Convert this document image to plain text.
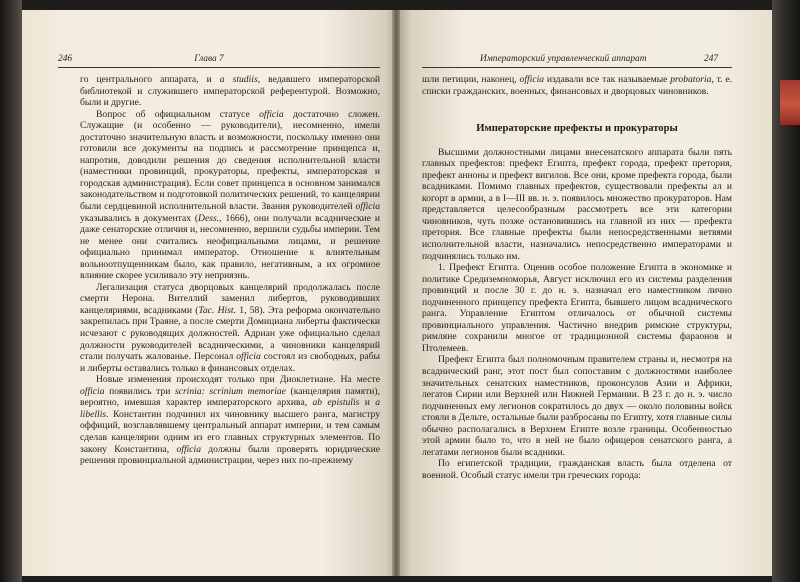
246	Глава 7

го центрального аппарата, и a studiis, ведавшего императорской библиотекой и служившего императорской референтурой. Возможно, были и другие.

Вопрос об официальном статусе officia достаточно сложен. Служащие (и особенно — руководители), несомненно, имели достаточно значительную власть и возможности, поскольку именно они готовили все документы на подпись и рассмотрение принцепса и, напротив, доводили решения до сведения исполнительной власти (наместники провинций, прокураторы, префекты, императорская и городская администрация). Если совет принцепса в основном занимался законодательством и подготовкой политических решений, то канцелярии были сердцевиной исполнительной власти. Звания руководителей officia указывались в документах (Dess., 1666), они получали всаднические и даже сенаторские отличия и, несомненно, вершили судьбы империи. Тем не менее они считались неофициальными лицами, и решение официально принимал император. Отношение к влиятельным вольноотпущенникам было, как правило, негативным, а их огромное влияние скорее усиливало эту неприязнь.

Легализация статуса дворцовых канцелярий продолжалась после смерти Нерона. Вителлий заменил либертов, руководивших канцеляриями, всадниками (Tac. Hist. 1, 58). Эта реформа окончательно закрепилась при Траяне, а после смерти Домициана либерты фактически исчезают с руководящих должностей. Адриан уже официально сделал должности руководителей всадническими, а чиновники канцелярий стали получать жалованье. Персонал officia состоял из свободных, рабы и либерты оставались только в финансовых отделах.

Новые изменения происходят только при Диоклетиане. На месте officia появились три scrinia: scrinium memoriae (канцелярия памяти), вероятно, имевшая характер императорского архива, ab epistulis и a libellis. Константин подчинил их чиновнику высшего ранга, магистру оффиций, возглавлявшему центральный аппарат империи, и тем самым сделав канцелярии одним из его главных структурных элементов. По закону Константина, officia должны были проверять юридические решения провинциальной администрации, через них по-прежнему

Императорский управленческий аппарат	247

шли петиции, наконец, officia издавали все так называемые probatoria, т. е. списки гражданских, военных, финансовых и дворцовых чиновников.

Императорские префекты и прокураторы

Высшими должностными лицами внесенатского аппарата были пять главных префектов: префект Египта, префект города, префект претория, префект анноны и префект вигилов. Все они, кроме префекта города, были всадниками. Помимо главных префектов, существовали префекты ал и когорт в армии, а в I—III вв. н. э. появилось множество прокураторов. Нам представляется целесообразным рассмотреть все эти категории чиновников, чуть позже остановившись на главной из них — префекта претория. Все главные префекты были непосредственными ветвями исполнительной власти, назначались непосредственно императорами и подчинялись только им.

1. Префект Египта. Оценив особое положение Египта в экономике и политике Средиземноморья, Август исключил его из системы разделения провинций и после 30 г. до н. э. назначал его наместником лично подчиненного принцепсу префекта Египта, бывшего лицом всаднического ранга. Управление Египтом отличалось от обычной системы провинциального управления. Частично внедрив римские структуры, римляне сохранили многое от традиционной системы фараонов и Птолемеев.

Префект Египта был полномочным правителем страны и, несмотря на всаднический ранг, этот пост был сопоставим с должностями наиболее значительных сенатских наместников, проконсулов Азии и Африки, легатов Сирии или Верхней или Нижней Германии. В 23 г. до н. э. число подчиненных ему легионов сократилось до двух — около половины войск стояли в Дельте, остальные были разбросаны по Египту, хотя главные силы обычно располагались в Верхнем Египте возле границы. Особенностью этой армии было то, что в ней не было офицеров сенатского ранга, а легатами легионов были всадники.

По египетской традиции, гражданская власть была отделена от военной. Особый статус имели три греческих города:
